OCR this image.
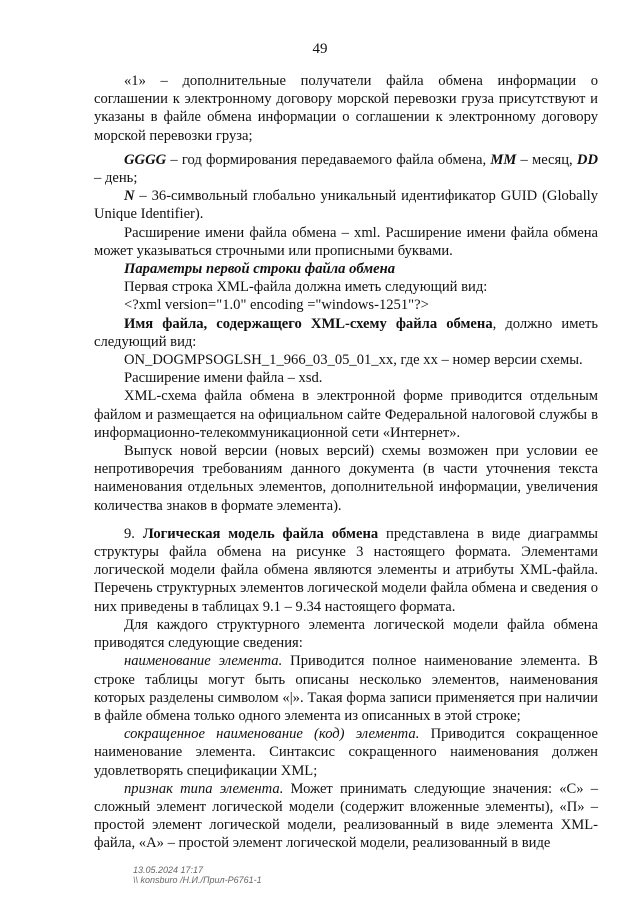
49

«1» – дополнительные получатели файла обмена информации о соглашении к электронному договору морской перевозки груза присутствуют и указаны в файле обмена информации о соглашении к электронному договору морской перевозки груза;

GGGG – год формирования передаваемого файла обмена, MM – месяц, DD – день;

N – 36-символьный глобально уникальный идентификатор GUID (Globally Unique Identifier).

Расширение имени файла обмена – xml. Расширение имени файла обмена может указываться строчными или прописными буквами.

Параметры первой строки файла обмена

Первая строка XML-файла должна иметь следующий вид:

<?xml version="1.0" encoding ="windows-1251"?>

Имя файла, содержащего XML-схему файла обмена, должно иметь следующий вид:

ON_DOGMPSOGLSH_1_966_03_05_01_xx, где хх – номер версии схемы.

Расширение имени файла – xsd.

XML-схема файла обмена в электронной форме приводится отдельным файлом и размещается на официальном сайте Федеральной налоговой службы в информационно-телекоммуникационной сети «Интернет».

Выпуск новой версии (новых версий) схемы возможен при условии ее непротиворечия требованиям данного документа (в части уточнения текста наименования отдельных элементов, дополнительной информации, увеличения количества знаков в формате элемента).

9. Логическая модель файла обмена представлена в виде диаграммы структуры файла обмена на рисунке 3 настоящего формата. Элементами логической модели файла обмена являются элементы и атрибуты XML-файла. Перечень структурных элементов логической модели файла обмена и сведения о них приведены в таблицах 9.1 – 9.34 настоящего формата.

Для каждого структурного элемента логической модели файла обмена приводятся следующие сведения:

наименование элемента. Приводится полное наименование элемента. В строке таблицы могут быть описаны несколько элементов, наименования которых разделены символом «|». Такая форма записи применяется при наличии в файле обмена только одного элемента из описанных в этой строке;

сокращенное наименование (код) элемента. Приводится сокращенное наименование элемента. Синтаксис сокращенного наименования должен удовлетворять спецификации XML;

признак типа элемента. Может принимать следующие значения: «С» – сложный элемент логической модели (содержит вложенные элементы), «П» – простой элемент логической модели, реализованный в виде элемента XML-файла, «А» – простой элемент логической модели, реализованный в виде

13.05.2024 17:17
\\ konsburo /Н.И./Прил-Р6761-1
